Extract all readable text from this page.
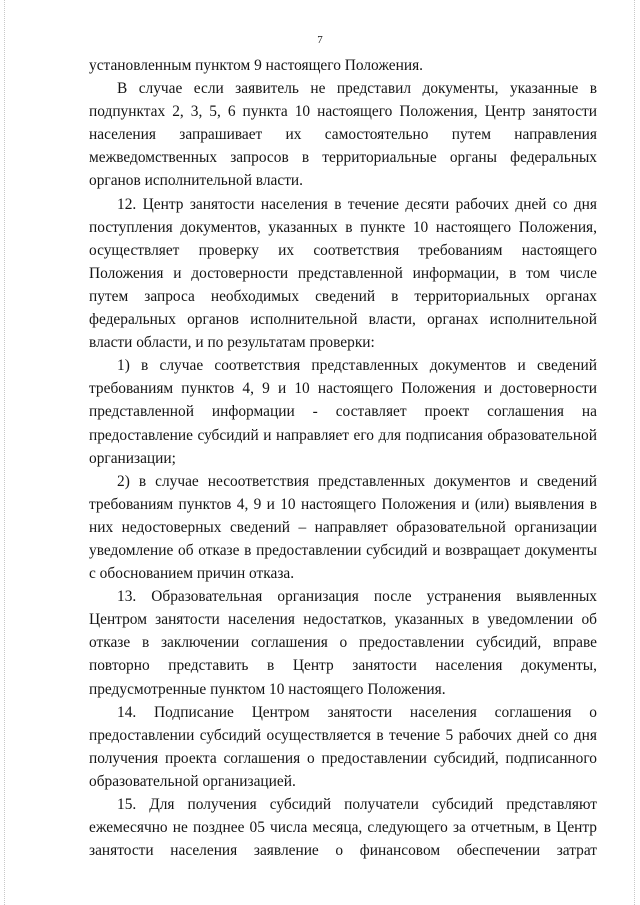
7

установленным пунктом 9 настоящего Положения.

В случае если заявитель не представил документы, указанные в подпунктах 2, 3, 5, 6 пункта 10 настоящего Положения, Центр занятости населения запрашивает их самостоятельно путем направления межведомственных запросов в территориальные органы федеральных органов исполнительной власти.

12. Центр занятости населения в течение десяти рабочих дней со дня поступления документов, указанных в пункте 10 настоящего Положения, осуществляет проверку их соответствия требованиям настоящего Положения и достоверности представленной информации, в том числе путем запроса необходимых сведений в территориальных органах федеральных органов исполнительной власти, органах исполнительной власти области, и по результатам проверки:

1) в случае соответствия представленных документов и сведений требованиям пунктов 4, 9 и 10 настоящего Положения и достоверности представленной информации - составляет проект соглашения на предоставление субсидий и направляет его для подписания образовательной организации;

2) в случае несоответствия представленных документов и сведений требованиям пунктов 4, 9 и 10 настоящего Положения и (или) выявления в них недостоверных сведений – направляет образовательной организации уведомление об отказе в предоставлении субсидий и возвращает документы с обоснованием причин отказа.

13. Образовательная организация после устранения выявленных Центром занятости населения недостатков, указанных в уведомлении об отказе в заключении соглашения о предоставлении субсидий, вправе повторно представить в Центр занятости населения документы, предусмотренные пунктом 10 настоящего Положения.

14. Подписание Центром занятости населения соглашения о предоставлении субсидий осуществляется в течение 5 рабочих дней со дня получения проекта соглашения о предоставлении субсидий, подписанного образовательной организацией.

15. Для получения субсидий получатели субсидий представляют ежемесячно не позднее 05 числа месяца, следующего за отчетным, в Центр занятости населения заявление о финансовом обеспечении затрат
